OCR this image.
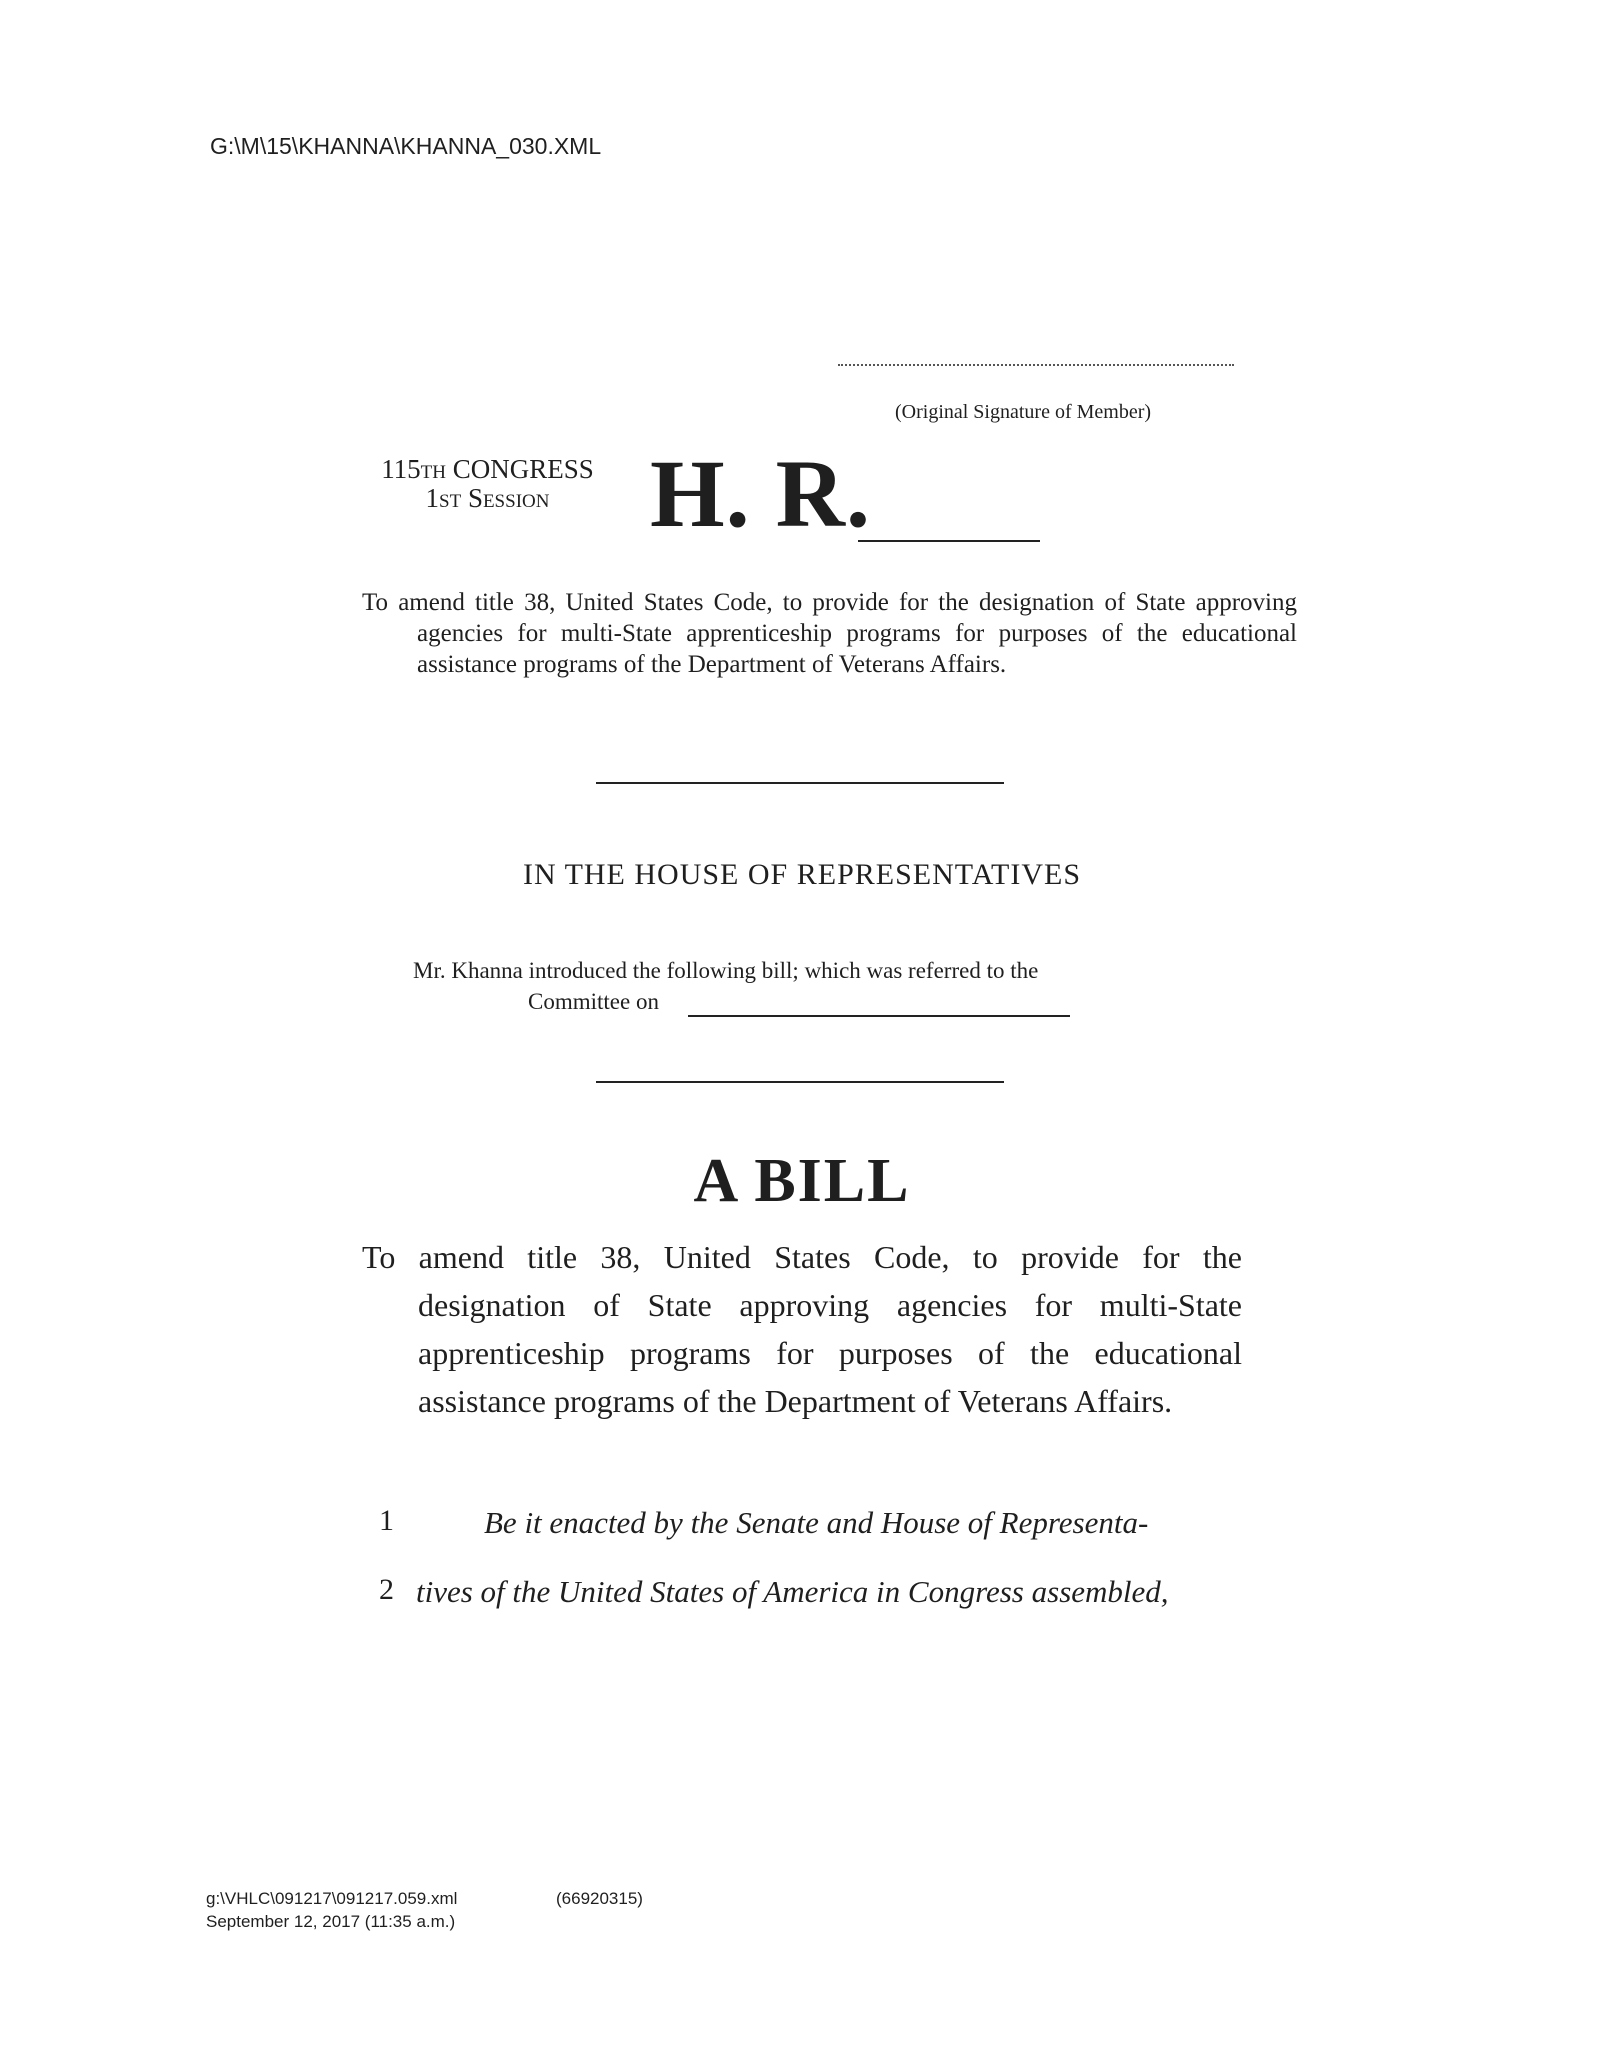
G:\M\15\KHANNA\KHANNA_030.XML
(Original Signature of Member)
115th CONGRESS
1st Session	H. R.
To amend title 38, United States Code, to provide for the designation of State approving agencies for multi-State apprenticeship programs for purposes of the educational assistance programs of the Department of Veterans Affairs.
IN THE HOUSE OF REPRESENTATIVES
Mr. Khanna introduced the following bill; which was referred to the
Committee on
A BILL
To amend title 38, United States Code, to provide for the designation of State approving agencies for multi-State apprenticeship programs for purposes of the educational assistance programs of the Department of Veterans Affairs.
1	Be it enacted by the Senate and House of Representa-
2 tives of the United States of America in Congress assembled,
g:\VHLC\091217\091217.059.xml	(66920315)
September 12, 2017 (11:35 a.m.)
